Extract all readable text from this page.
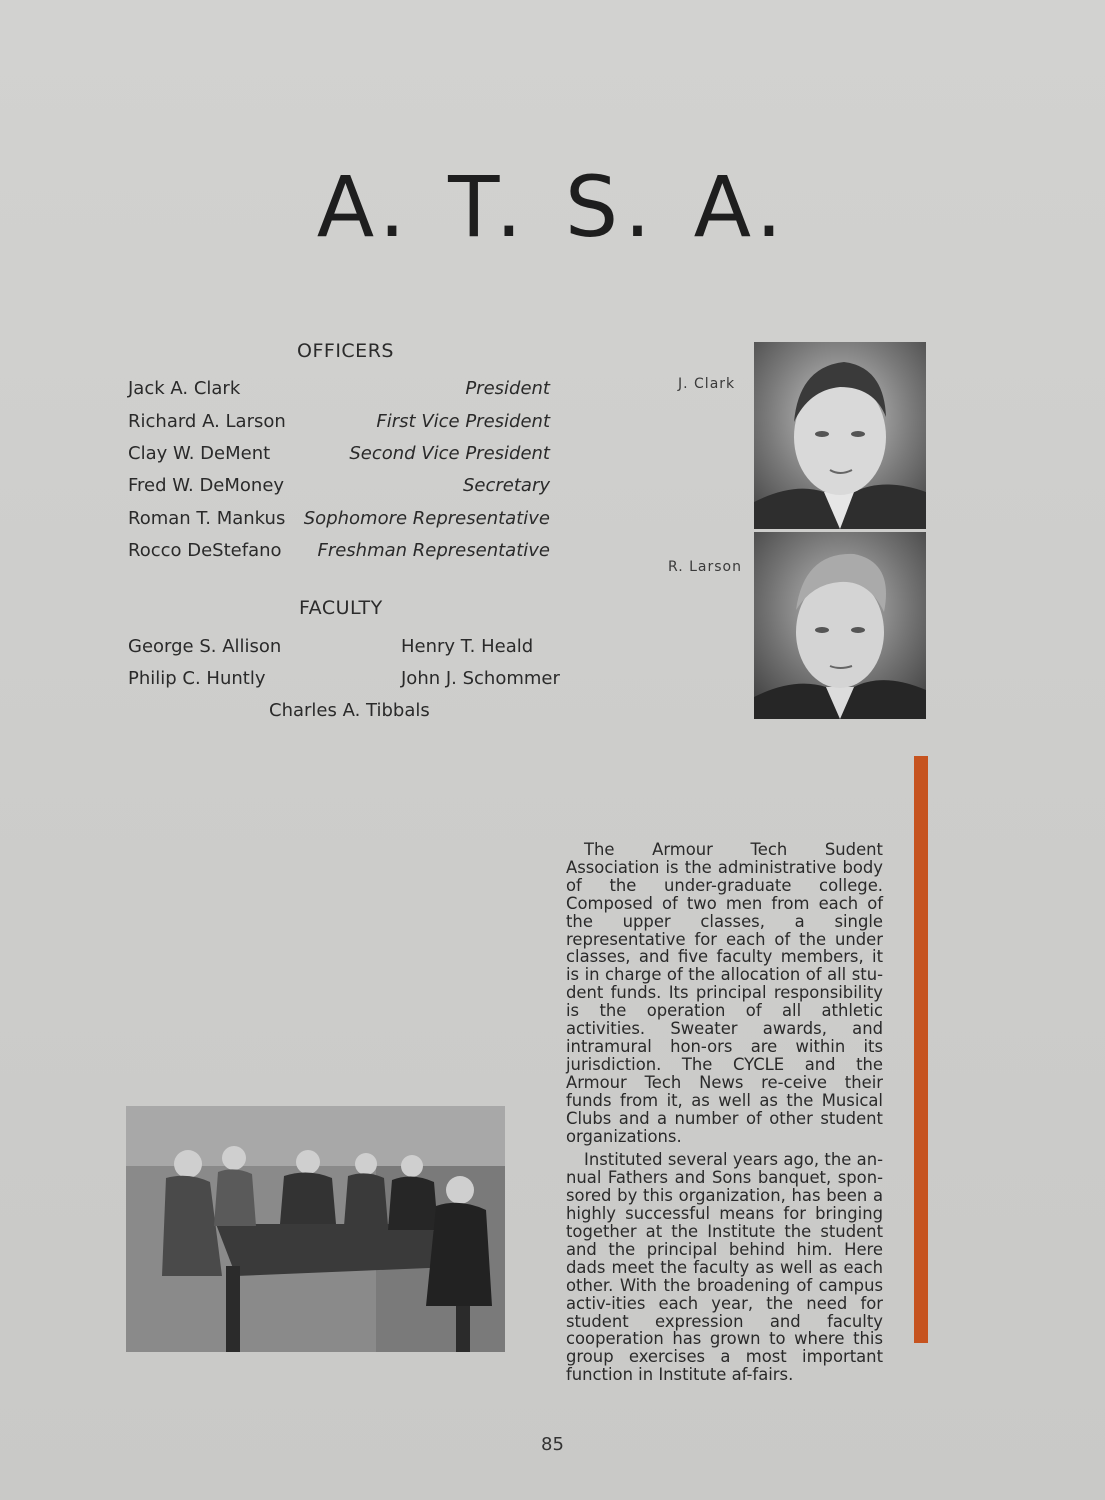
A. T. S. A.
OFFICERS
Jack A. Clark	President
Richard A. Larson	First Vice President
Clay W. DeMent	Second Vice President
Fred W. DeMoney	Secretary
Roman T. Mankus Sophomore Representative
Rocco DeStefano Freshman Representative
FACULTY
George S. Allison	Henry T. Heald
Philip C. Huntly	John J. Schommer
Charles A. Tibbals
J. Clark
R. Larson

The Armour Tech Sudent Association is the administrative body of the under-graduate college. Composed of two men from each of the upper classes, a single representative for each of the under classes, and five faculty members, it is in charge of the allocation of all stu-dent funds. Its principal responsibility is the operation of all athletic activities. Sweater awards, and intramural hon-ors are within its jurisdiction. The CYCLE and the Armour Tech News re-ceive their funds from it, as well as the Musical Clubs and a number of other student organizations.

Instituted several years ago, the an-nual Fathers and Sons banquet, spon-sored by this organization, has been a highly successful means for bringing together at the Institute the student and the principal behind him. Here dads meet the faculty as well as each other. With the broadening of campus activ-ities each year, the need for student expression and faculty cooperation has grown to where this group exercises a most important function in Institute af-fairs.

85
